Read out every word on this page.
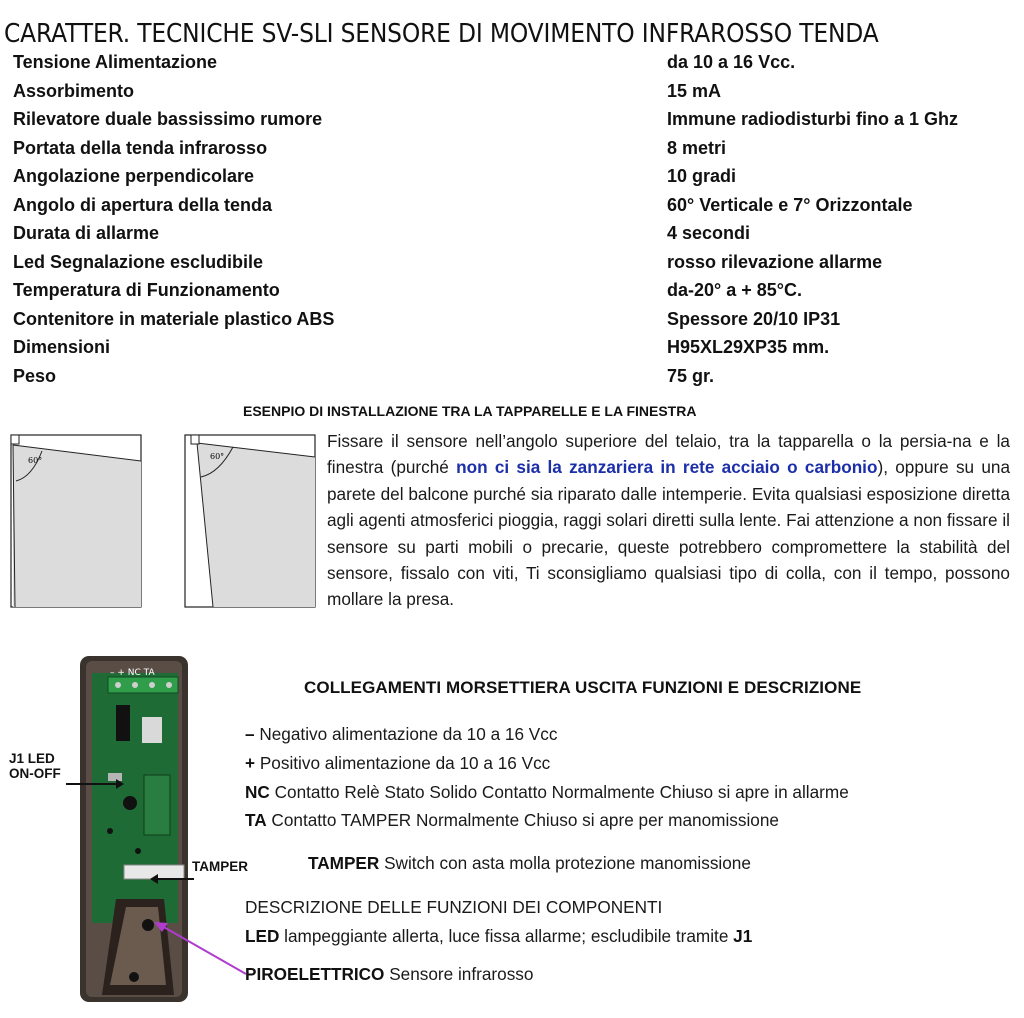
CARATTER. TECNICHE SV-SLI SENSORE DI MOVIMENTO INFRAROSSO TENDA
Tensione Alimentazione	da 10 a 16 Vcc.
Assorbimento	15 mA
Rilevatore duale bassissimo rumore	Immune radiodisturbi fino a 1 Ghz
Portata della tenda infrarosso	8 metri
Angolazione perpendicolare	10 gradi
Angolo di apertura della tenda	60° Verticale e 7° Orizzontale
Durata di allarme	4 secondi
Led Segnalazione escludibile	rosso rilevazione allarme
Temperatura di Funzionamento	da-20° a + 85°C.
Contenitore in materiale plastico ABS	Spessore 20/10 IP31
Dimensioni	H95XL29XP35 mm.
Peso	75 gr.
ESENPIO DI INSTALLAZIONE TRA LA TAPPARELLE E LA FINESTRA
60°	60°
Fissare il sensore nell’angolo superiore del telaio, tra la tapparella o la persia-na e la finestra (purché non ci sia la zanzariera in rete acciaio o carbonio), oppure su una parete del balcone purché sia riparato dalle intemperie. Evita qualsiasi esposizione diretta agli agenti atmosferici pioggia, raggi solari diretti sulla lente. Fai attenzione a non fissare il sensore su parti mobili o precarie, queste potrebbero compromettere la stabilità del sensore, fissalo con viti, Ti sconsigliamo qualsiasi tipo di colla, con il tempo, possono mollare la presa.
– + NC TA
J1 LED
ON-OFF
TAMPER
COLLEGAMENTI MORSETTIERA USCITA FUNZIONI E DESCRIZIONE
– Negativo alimentazione da 10 a 16 Vcc
+ Positivo alimentazione da 10 a 16 Vcc
NC Contatto Relè Stato Solido Contatto Normalmente Chiuso si apre in allarme
TA Contatto TAMPER Normalmente Chiuso si apre per manomissione
TAMPER Switch con asta molla protezione manomissione
DESCRIZIONE DELLE FUNZIONI DEI COMPONENTI
LED lampeggiante allerta, luce fissa allarme; escludibile tramite J1
PIROELETTRICO Sensore infrarosso
